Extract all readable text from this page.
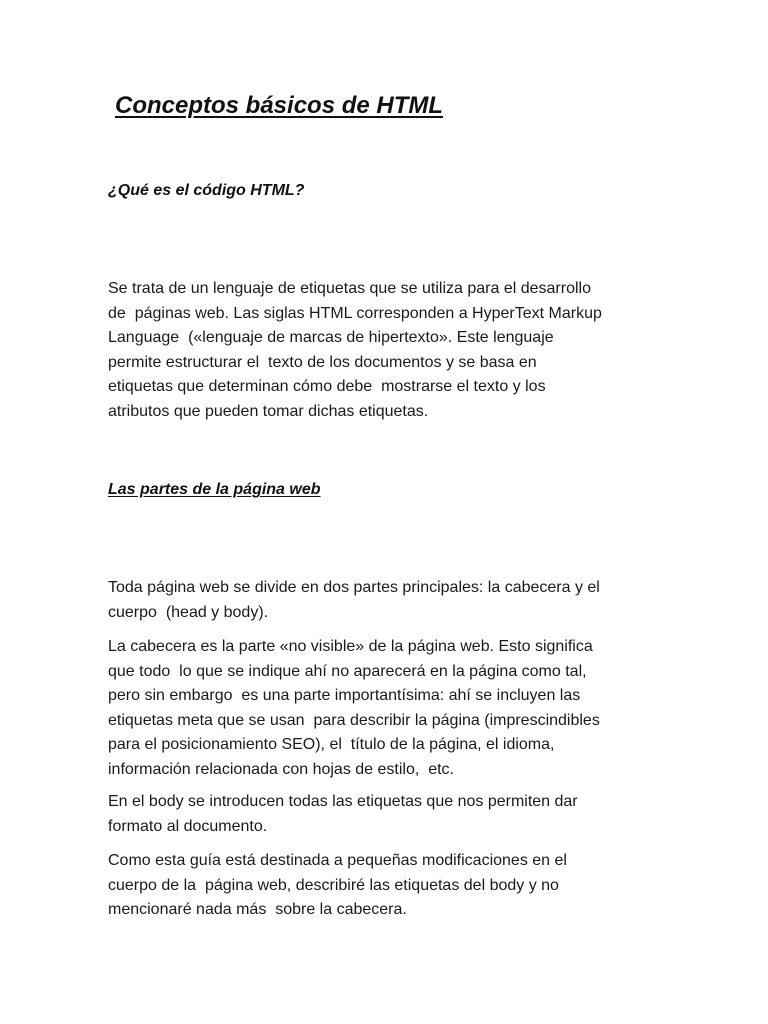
Conceptos básicos de HTML
¿Qué es el código HTML?

Se trata de un lenguaje de etiquetas que se utiliza para el desarrollo
de  páginas web. Las siglas HTML corresponden a HyperText Markup
Language  («lenguaje de marcas de hipertexto». Este lenguaje
permite estructurar el  texto de los documentos y se basa en
etiquetas que determinan cómo debe  mostrarse el texto y los
atributos que pueden tomar dichas etiquetas.

Las partes de la página web

Toda página web se divide en dos partes principales: la cabecera y el
cuerpo  (head y body).

La cabecera es la parte «no visible» de la página web. Esto significa
que todo  lo que se indique ahí no aparecerá en la página como tal,
pero sin embargo  es una parte importantísima: ahí se incluyen las
etiquetas meta que se usan  para describir la página (imprescindibles
para el posicionamiento SEO), el  título de la página, el idioma,
información relacionada con hojas de estilo,  etc.

En el body se introducen todas las etiquetas que nos permiten dar
formato al documento.

Como esta guía está destinada a pequeñas modificaciones en el
cuerpo de la  página web, describiré las etiquetas del body y no
mencionaré nada más  sobre la cabecera.
